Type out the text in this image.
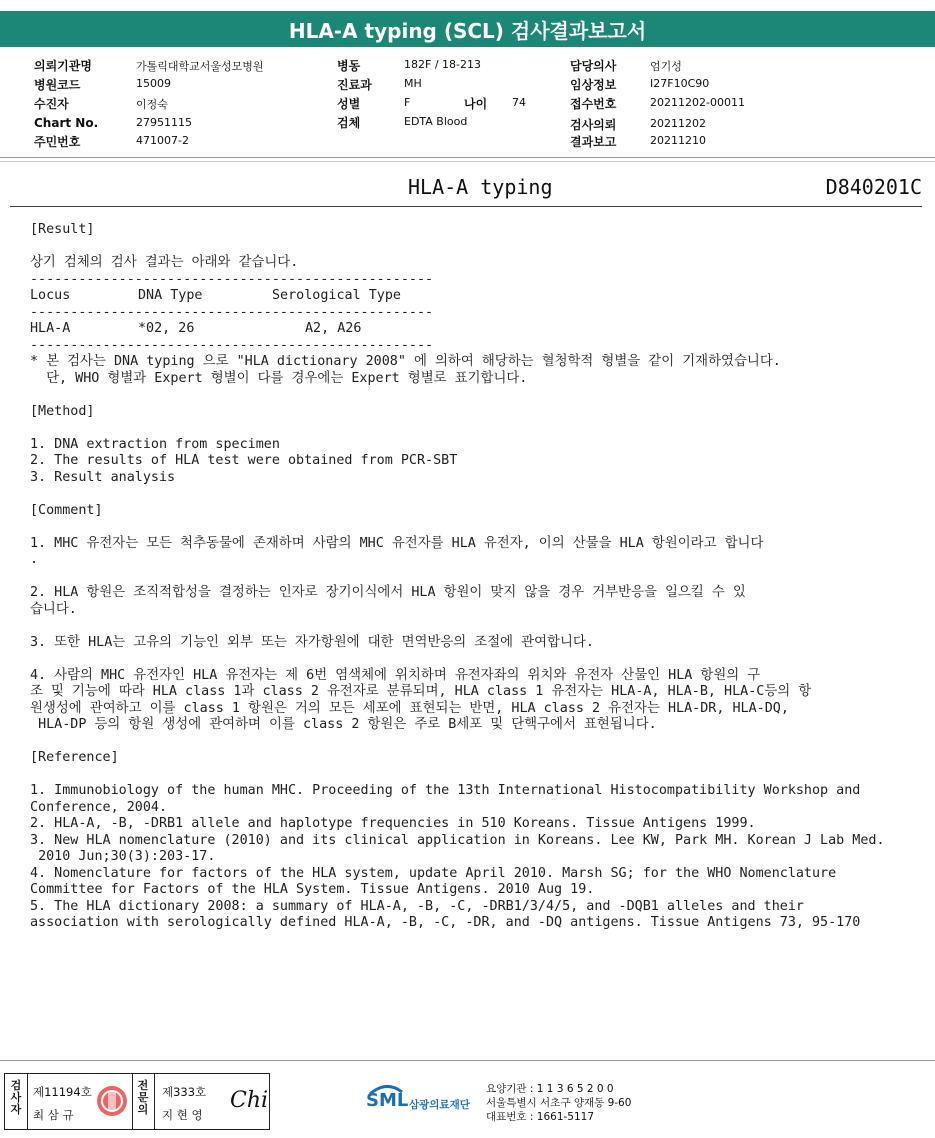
HLA-A typing (SCL) 검사결과보고서
의뢰기관명	가톨릭대학교서울성모병원
병원코드	15009
수진자	이정숙
Chart No.	27951115
주민번호	471007-2
병동	182F / 18-213
진료과	MH
성별	F	나이 74
검체	EDTA Blood
담당의사	엄기성
임상정보	I27F10C90
접수번호	20211202-00011
검사의뢰	20211202
결과보고	20211210
HLA-A typing	D840201C

[Result]

상기 검체의 검사 결과는 아래와 같습니다.

--------------------------------------------------

Locus	DNA Type	Serological Type

--------------------------------------------------

HLA-A	*02, 26	A2, A26

--------------------------------------------------

* 본 검사는 DNA typing 으로 "HLA dictionary 2008" 에 의하여 해당하는 혈청학적 형별을 같이 기재하였습니다.

단, WHO 형별과 Expert 형별이 다를 경우에는 Expert 형별로 표기합니다.

[Method]

1. DNA extraction from specimen

2. The results of HLA test were obtained from PCR-SBT

3. Result analysis

[Comment]

1. MHC 유전자는 모든 척추동물에 존재하며 사람의 MHC 유전자를 HLA 유전자, 이의 산물을 HLA 항원이라고 합니다
.

2. HLA 항원은 조직적합성을 결정하는 인자로 장기이식에서 HLA 항원이 맞지 않을 경우 거부반응을 일으킬 수 있
습니다.

3. 또한 HLA는 고유의 기능인 외부 또는 자가항원에 대한 면역반응의 조절에 관여합니다.

4. 사람의 MHC 유전자인 HLA 유전자는 제 6번 염색체에 위치하며 유전자좌의 위치와 유전자 산물인 HLA 항원의 구
조 및 기능에 따라 HLA class 1과 class 2 유전자로 분류되며, HLA class 1 유전자는 HLA-A, HLA-B, HLA-C등의 항
원생성에 관여하고 이를 class 1 항원은 거의 모든 세포에 표현되는 반면, HLA class 2 유전자는 HLA-DR, HLA-DQ,
HLA-DP 등의 항원 생성에 관여하며 이를 class 2 항원은 주로 B세포 및 단핵구에서 표현됩니다.

[Reference]

1. Immunobiology of the human MHC. Proceeding of the 13th International Histocompatibility Workshop and
Conference, 2004.

2. HLA-A, -B, -DRB1 allele and haplotype frequencies in 510 Koreans. Tissue Antigens 1999.

3. New HLA nomenclature (2010) and its clinical application in Koreans. Lee KW, Park MH. Korean J Lab Med.
2010 Jun;30(3):203-17.

4. Nomenclature for factors of the HLA system, update April 2010. Marsh SG; for the WHO Nomenclature
Committee for Factors of the HLA System. Tissue Antigens. 2010 Aug 19.

5. The HLA dictionary 2008: a summary of HLA-A, -B, -C, -DRB1/3/4/5, and -DQB1 alleles and their
association with serologically defined HLA-A, -B, -C, -DR, and -DQ antigens. Tissue Antigens 73, 95-170

검사자
제11194호
최 삼 규
전문의
제333호
지 현 영
Chi	SML 삼광의료재단
요양기관 : 1 1 3 6 5 2 0 0
서울특별시 서초구 양재동 9-60
대표번호 : 1661-5117
